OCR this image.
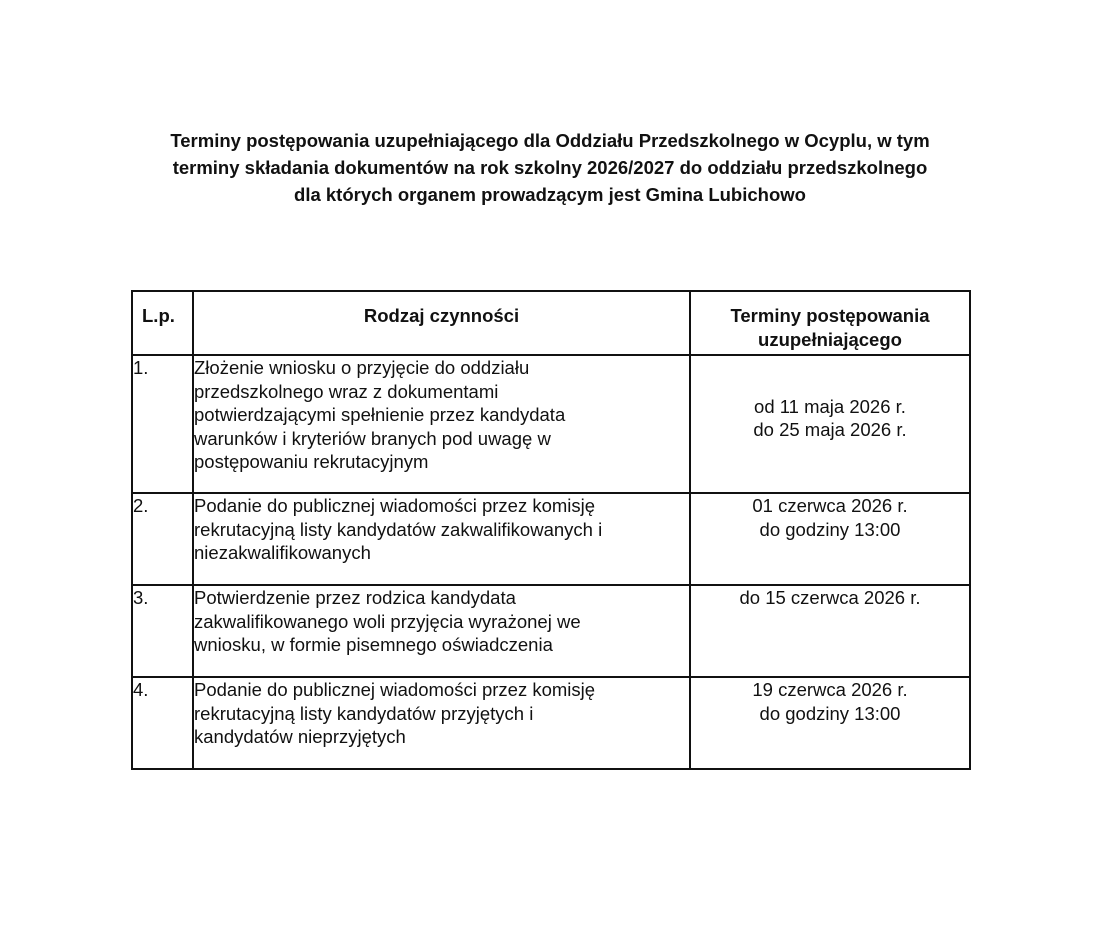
Terminy postępowania uzupełniającego dla Oddziału Przedszkolnego w Ocyplu, w tym
terminy składania dokumentów na rok szkolny 2026/2027 do oddziału przedszkolnego
dla których organem prowadzącym jest Gmina Lubichowo
L.p.	Rodzaj czynności	Terminy postępowania
uzupełniającego

1.	Złożenie wniosku o przyjęcie do oddziału
przedszkolnego wraz z dokumentami
potwierdzającymi spełnienie przez kandydata
warunków i kryteriów branych pod uwagę w
postępowaniu rekrutacyjnym	od 11 maja 2026 r.
do 25 maja 2026 r.

2.	Podanie do publicznej wiadomości przez komisję
rekrutacyjną listy kandydatów zakwalifikowanych i
niezakwalifikowanych	01 czerwca 2026 r.
do godziny 13:00

3.	Potwierdzenie przez rodzica kandydata
zakwalifikowanego woli przyjęcia wyrażonej we
wniosku, w formie pisemnego oświadczenia	do 15 czerwca 2026 r.

4.	Podanie do publicznej wiadomości przez komisję
rekrutacyjną listy kandydatów przyjętych i
kandydatów nieprzyjętych	19 czerwca 2026 r.
do godziny 13:00
